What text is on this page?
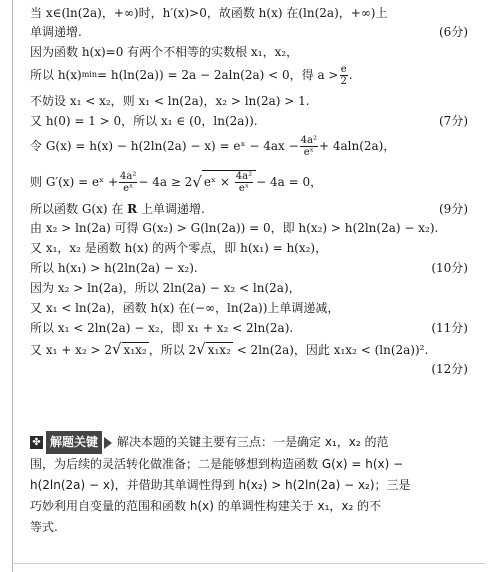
当 x∈(ln(2a)，+∞)时，h′(x)>0，故函数 h(x) 在(ln(2a)，+∞)上

单调递增.	(6分)

因为函数 h(x)=0 有两个不相等的实数根 x₁，x₂，

所以 h(x) min = h(ln(2a)) = 2a − 2aln(2a) < 0，得 $a > \frac{e}{2}$ .

不妨设 x₁ < x₂，则 x₁ < ln(2a)，x₂ > ln(2a) > 1.

又 h(0) = 1 > 0，所以 x₁ ∈ (0，ln(2a)).	(7分)

令 G(x) = h(x) − h(2ln(2a) − x) = eˣ − $4ax - \frac{\text{4a²}}{\text{eˣ}} + 4aln(2a)$，
则 G′(x) = eˣ + $\frac{\text{4a²}}{\text{eˣ}} - 4a \ge 2$ √ eˣ × $\frac{\text{4a²}}{\text{eˣ}} - 4a = 0$，

所以函数 G(x) 在 R 上单调递增.	(9分)

由 x₂ > ln(2a) 可得 G(x₂) > G(ln(2a)) = 0，即 h(x₂) > h(2ln(2a) − x₂).

又 x₁，x₂ 是函数 h(x) 的两个零点，即 h(x₁) = h(x₂)，

所以 h(x₁) > h(2ln(2a) − x₂).	(10分)

因为 x₂ > ln(2a)，所以 2ln(2a) − x₂ < ln(2a)，

又 x₁ < ln(2a)，函数 h(x) 在(−∞，ln(2a))上单调递减，

所以 x₁ < 2ln(2a) − x₂，即 x₁ + x₂ < 2ln(2a).	(11分)

又 x₁ + x₂ > 2√ x₁x₂ ，所以 2√ x₁x₂ < 2ln(2a)，因此 x₁x₂ < (ln(2a))².

(12分)

✤ 解题关键	解决本题的关键主要有三点：一是确定 x₁，x₂ 的范
围，为后续的灵活转化做准备；二是能够想到构造函数 G(x) = h(x) −
h(2ln(2a) − x)，并借助其单调性得到 h(x₂) > h(2ln(2a) − x₂)；三是
巧妙利用自变量的范围和函数 h(x) 的单调性构建关于 x₁，x₂ 的不
等式.
